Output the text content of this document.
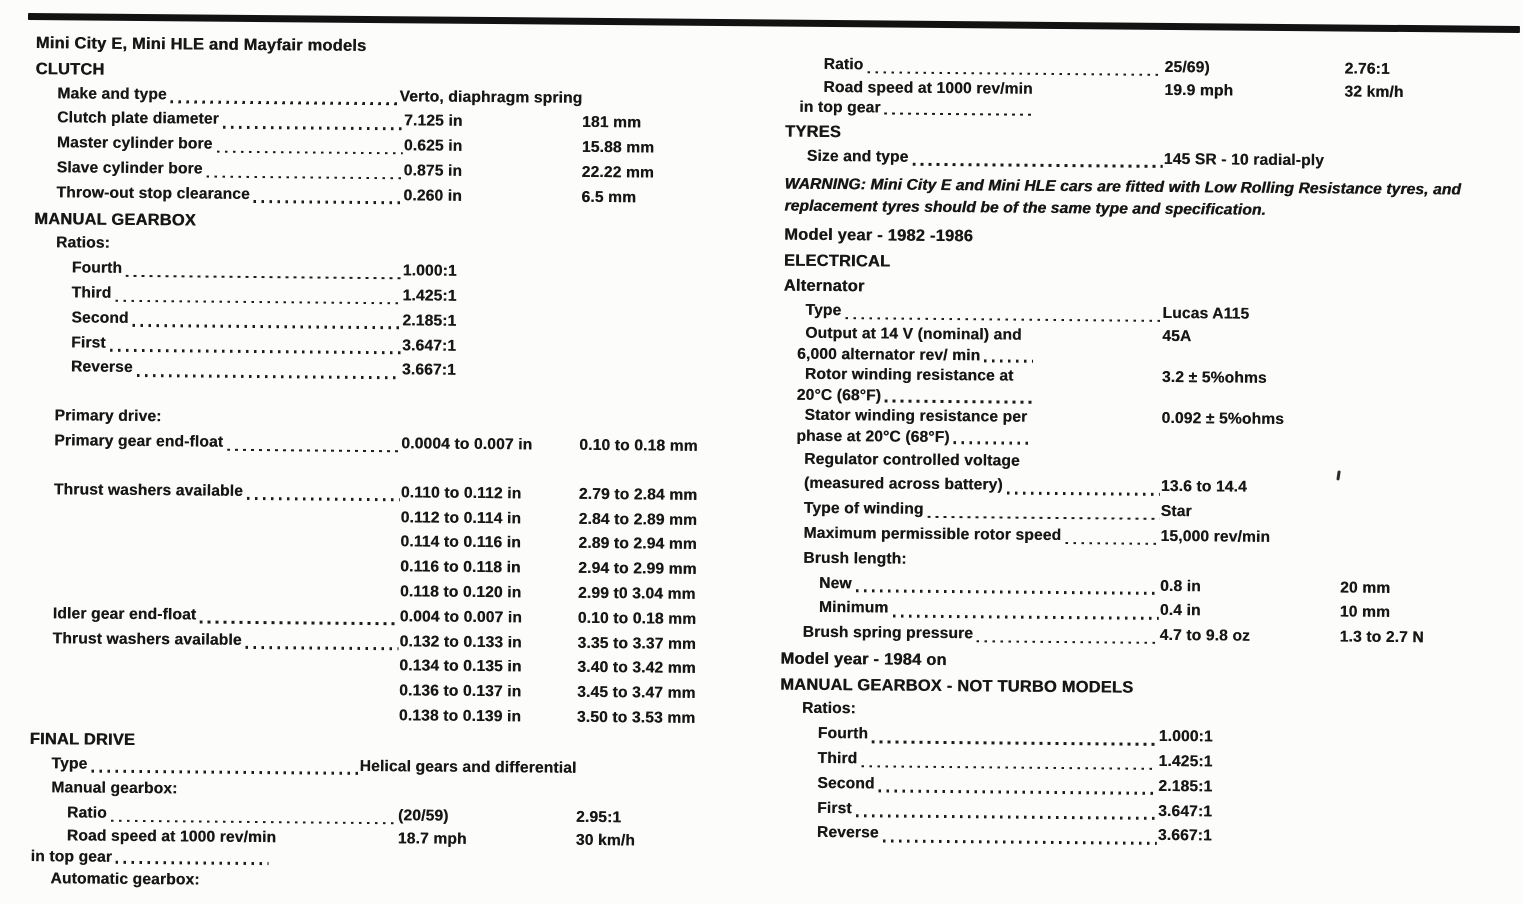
Mini City E, Mini HLE and Mayfair models
CLUTCH
Make and type	Verto, diaphragm spring
Clutch plate diameter	7.125 in	181 mm
Master cylinder bore	0.625 in	15.88 mm
Slave cylinder bore	0.875 in	22.22 mm
Throw-out stop clearance	0.260 in	6.5 mm
MANUAL GEARBOX
Ratios:
Fourth	1.000:1
Third	1.425:1
Second	2.185:1
First	3.647:1
Reverse	3.667:1
Primary drive:
Primary gear end-float	0.0004 to 0.007 in	0.10 to 0.18 mm
Thrust washers available	0.110 to 0.112 in	2.79 to 2.84 mm
0.112 to 0.114 in	2.84 to 2.89 mm
0.114 to 0.116 in	2.89 to 2.94 mm
0.116 to 0.118 in	2.94 to 2.99 mm
0.118 to 0.120 in	2.99 t0 3.04 mm
Idler gear end-float	0.004 to 0.007 in	0.10 to 0.18 mm
Thrust washers available	0.132 to 0.133 in	3.35 to 3.37 mm
0.134 to 0.135 in	3.40 to 3.42 mm
0.136 to 0.137 in	3.45 to 3.47 mm
0.138 to 0.139 in	3.50 to 3.53 mm
FINAL DRIVE
Type	Helical gears and differential
Manual gearbox:
Ratio	(20/59)	2.95:1
Road speed at 1000 rev/min	18.7 mph	30 km/h
in top gear
Automatic gearbox:
Ratio	25/69)	2.76:1
Road speed at 1000 rev/min	19.9 mph	32 km/h
in top gear
TYRES
Size and type	145 SR - 10 radial-ply
WARNING: Mini City E and Mini HLE cars are fitted with Low Rolling Resistance tyres, and replacement tyres should be of the same type and specification.
Model year - 1982 -1986
ELECTRICAL
Alternator
Type	Lucas A115
Output at 14 V (nominal) and	45A
6,000 alternator rev/ min
Rotor winding resistance at	3.2 ± 5%ohms
20°C (68°F)
Stator winding resistance per	0.092 ± 5%ohms
phase at 20°C (68°F)
Regulator controlled voltage
(measured across battery)	13.6 to 14.4
Type of winding	Star
Maximum permissible rotor speed	15,000 rev/min
Brush length:
New	0.8 in	20 mm
Minimum	0.4 in	10 mm
Brush spring pressure	4.7 to 9.8 oz	1.3 to 2.7 N
Model year - 1984 on
MANUAL GEARBOX - NOT TURBO MODELS
Ratios:
Fourth	1.000:1
Third	1.425:1
Second	2.185:1
First	3.647:1
Reverse	3.667:1
